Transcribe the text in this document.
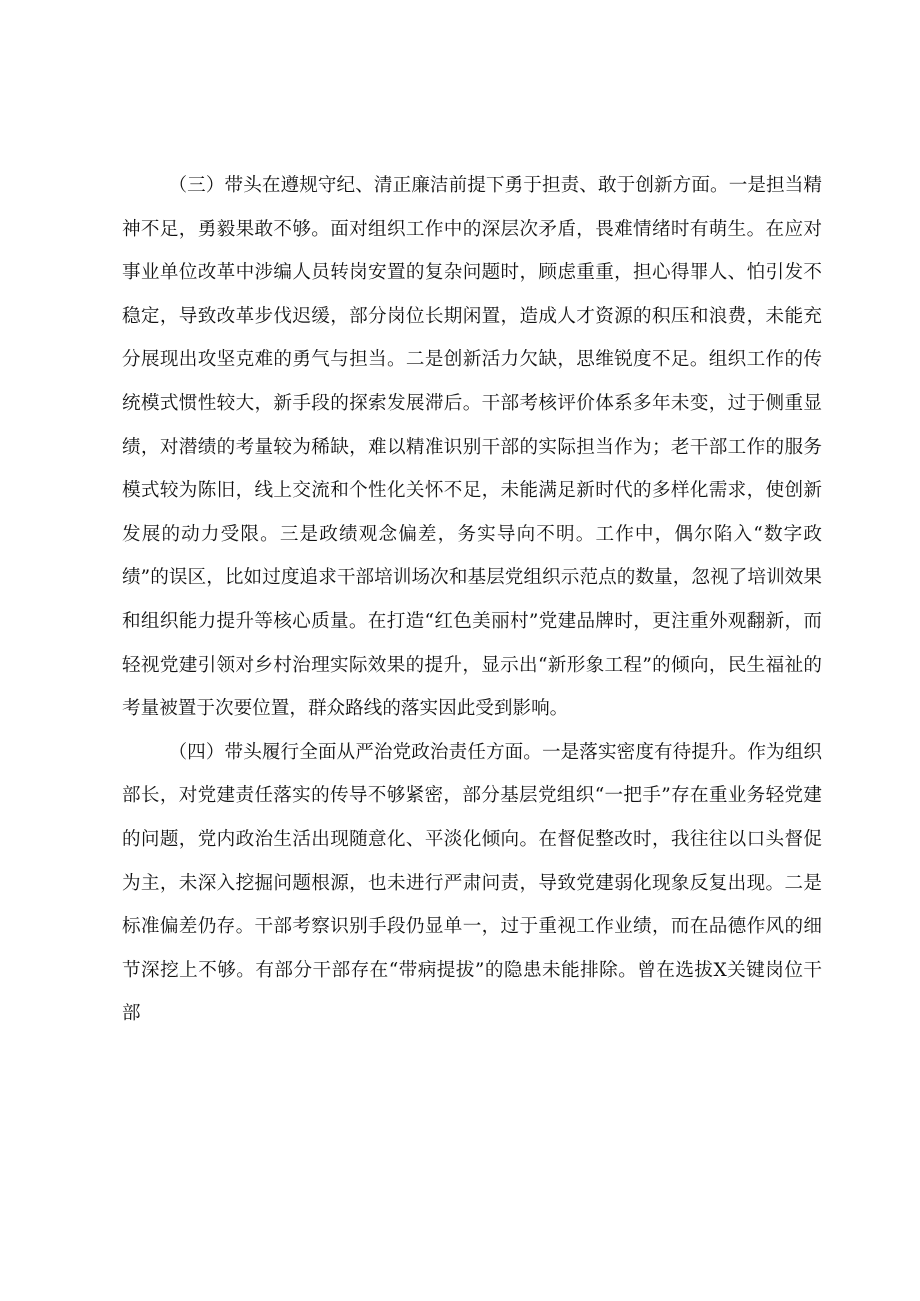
（三）带头在遵规守纪、清正廉洁前提下勇于担责、敢于创新方面。一是担当精神不足，勇毅果敢不够。面对组织工作中的深层次矛盾，畏难情绪时有萌生。在应对事业单位改革中涉编人员转岗安置的复杂问题时，顾虑重重，担心得罪人、怕引发不稳定，导致改革步伐迟缓，部分岗位长期闲置，造成人才资源的积压和浪费，未能充分展现出攻坚克难的勇气与担当。二是创新活力欠缺，思维锐度不足。组织工作的传统模式惯性较大，新手段的探索发展滞后。干部考核评价体系多年未变，过于侧重显绩，对潜绩的考量较为稀缺，难以精准识别干部的实际担当作为；老干部工作的服务模式较为陈旧，线上交流和个性化关怀不足，未能满足新时代的多样化需求，使创新发展的动力受限。三是政绩观念偏差，务实导向不明。工作中，偶尔陷入“数字政绩”的误区，比如过度追求干部培训场次和基层党组织示范点的数量，忽视了培训效果和组织能力提升等核心质量。在打造“红色美丽村”党建品牌时，更注重外观翻新，而轻视党建引领对乡村治理实际效果的提升，显示出“新形象工程”的倾向，民生福祉的考量被置于次要位置，群众路线的落实因此受到影响。

（四）带头履行全面从严治党政治责任方面。一是落实密度有待提升。作为组织部长，对党建责任落实的传导不够紧密，部分基层党组织“一把手”存在重业务轻党建的问题，党内政治生活出现随意化、平淡化倾向。在督促整改时，我往往以口头督促为主，未深入挖掘问题根源，也未进行严肃问责，导致党建弱化现象反复出现。二是标准偏差仍存。干部考察识别手段仍显单一，过于重视工作业绩，而在品德作风的细节深挖上不够。有部分干部存在“带病提拔”的隐患未能排除。曾在选拔X关键岗位干部
